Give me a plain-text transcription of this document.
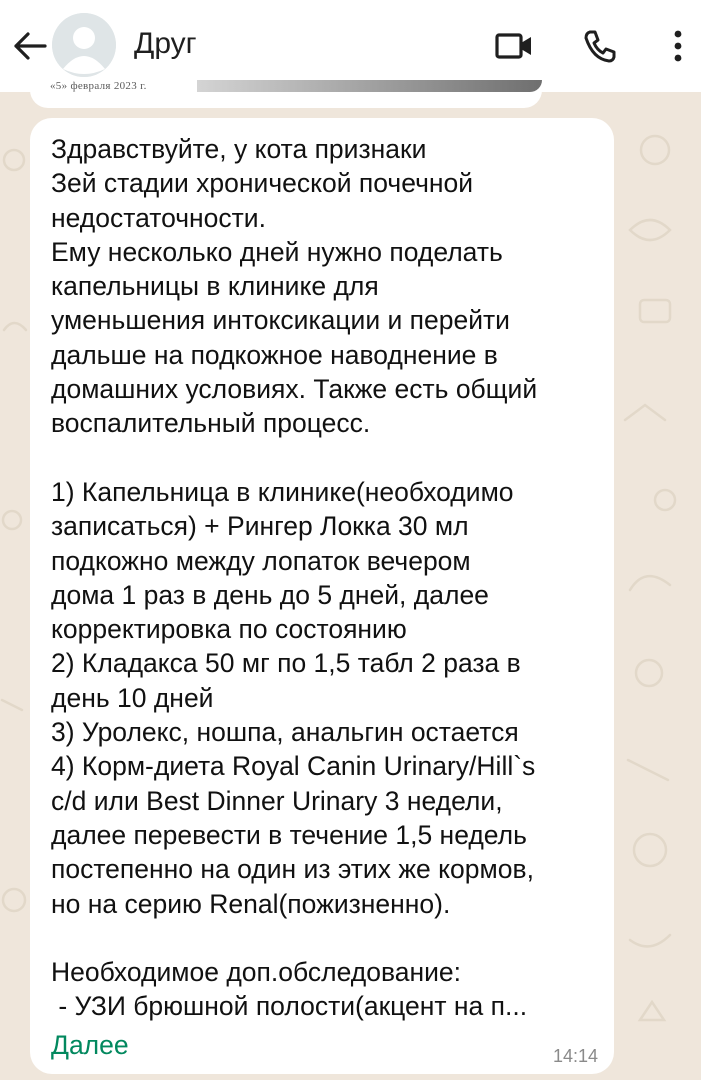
Друг
«5» февраля 2023 г.
Здравствуйте, у кота признаки
Зей стадии хронической почечной
недостаточности.
Ему несколько дней нужно поделать
капельницы в клинике для
уменьшения интоксикации и перейти
дальше на подкожное наводнение в
домашних условиях. Также есть общий
воспалительный процесс.

1) Капельница в клинике(необходимо
записаться) + Рингер Локка 30 мл
подкожно между лопаток вечером
дома 1 раз в день до 5 дней, далее
корректировка по состоянию
2) Кладакса 50 мг по 1,5 табл 2 раза в
день 10 дней
3) Уролекс, ношпа, анальгин остается
4) Корм-диета Royal Canin Urinary/Hill`s
c/d или Best Dinner Urinary 3 недели,
далее перевести в течение 1,5 недель
постепенно на один из этих же кормов,
но на серию Renal(пожизненно).

Необходимое доп.обследование:
- УЗИ брюшной полости(акцент на п...
Далее	14:14
